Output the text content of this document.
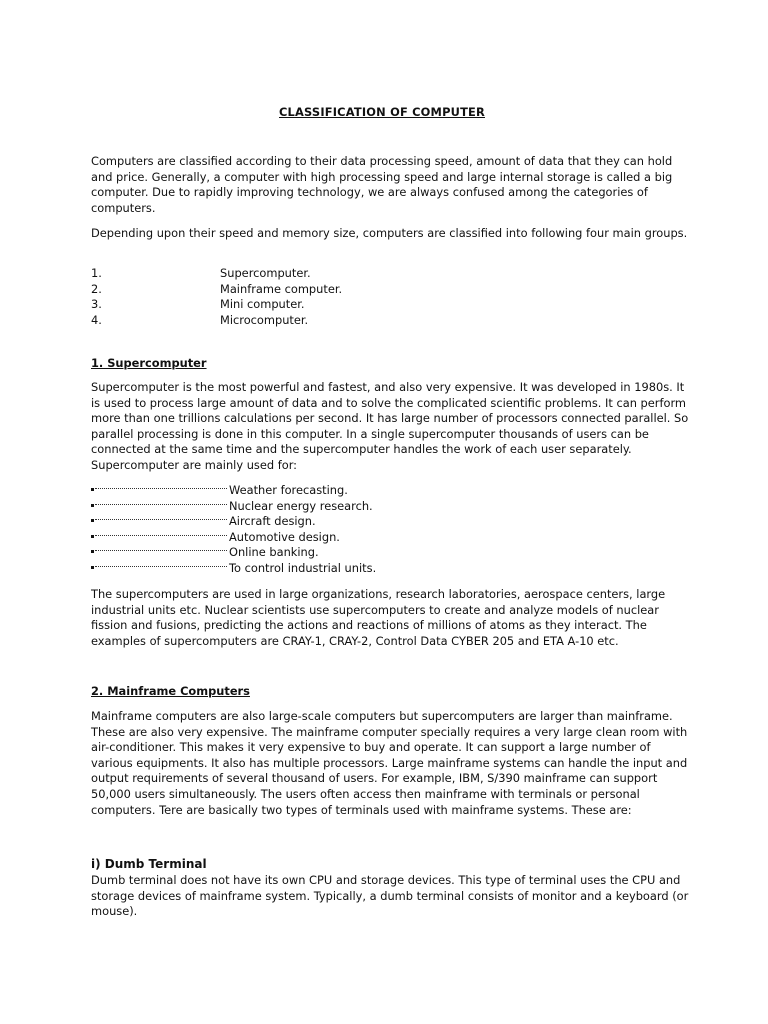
CLASSIFICATION OF COMPUTER

Computers are classified according to their data processing speed, amount of data that they can hold and price. Generally, a computer with high processing speed and large internal storage is called a big computer. Due to rapidly improving technology, we are always confused among the categories of computers.

Depending upon their speed and memory size, computers are classified into following four main groups.

1.	Supercomputer.
2.	Mainframe computer.
3.	Mini computer.
4.	Microcomputer.
1. Supercomputer

Supercomputer is the most powerful and fastest, and also very expensive. It was developed in 1980s. It is used to process large amount of data and to solve the complicated scientific problems. It can perform more than one trillions calculations per second. It has large number of processors connected parallel. So parallel processing is done in this computer. In a single supercomputer thousands of users can be connected at the same time and the supercomputer handles the work of each user separately. Supercomputer are mainly used for:

Weather forecasting.
Nuclear energy research.
Aircraft design.
Automotive design.
Online banking.
To control industrial units.

The supercomputers are used in large organizations, research laboratories, aerospace centers, large industrial units etc. Nuclear scientists use supercomputers to create and analyze models of nuclear fission and fusions, predicting the actions and reactions of millions of atoms as they interact. The examples of supercomputers are CRAY-1, CRAY-2, Control Data CYBER 205 and ETA A-10 etc.

2. Mainframe Computers

Mainframe computers are also large-scale computers but supercomputers are larger than mainframe. These are also very expensive. The mainframe computer specially requires a very large clean room with air-conditioner. This makes it very expensive to buy and operate. It can support a large number of various equipments. It also has multiple processors. Large mainframe systems can handle the input and output requirements of several thousand of users. For example, IBM, S/390 mainframe can support 50,000 users simultaneously. The users often access then mainframe with terminals or personal computers. Tere are basically two types of terminals used with mainframe systems. These are:

i) Dumb Terminal

Dumb terminal does not have its own CPU and storage devices. This type of terminal uses the CPU and storage devices of mainframe system. Typically, a dumb terminal consists of monitor and a keyboard (or mouse).
